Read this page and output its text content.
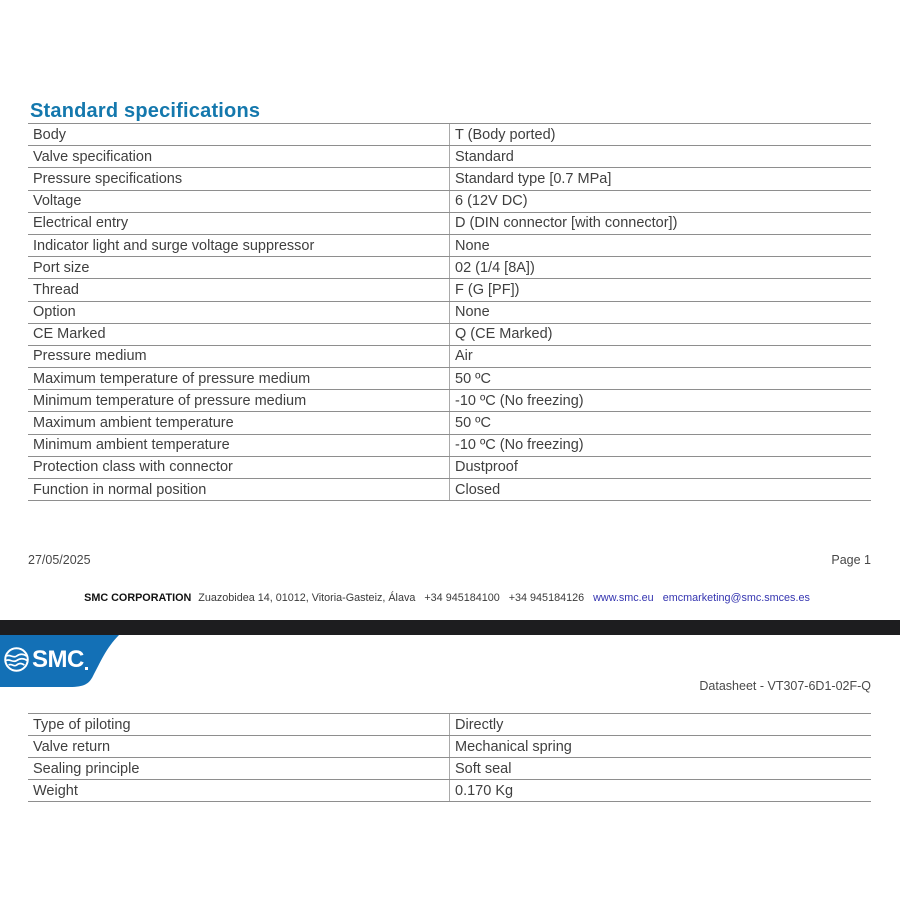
Standard specifications
Body	T (Body ported)
Valve specification	Standard
Pressure specifications	Standard type [0.7 MPa]
Voltage	6 (12V DC)
Electrical entry	D (DIN connector [with connector])
Indicator light and surge voltage suppressor	None
Port size	02 (1/4 [8A])
Thread	F (G [PF])
Option	None
CE Marked	Q (CE Marked)
Pressure medium	Air
Maximum temperature of pressure medium	50 ºC
Minimum temperature of pressure medium	-10 ºC (No freezing)
Maximum ambient temperature	50 ºC
Minimum ambient temperature	-10 ºC (No freezing)
Protection class with connector	Dustproof
Function in normal position	Closed
27/05/2025	Page 1
SMC CORPORATION Zuazobidea 14, 01012, Vitoria-Gasteiz, Álava +34 945184100 +34 945184126 www.smc.eu emcmarketing@smc.smces.es
SMC
Datasheet - VT307-6D1-02F-Q
Type of piloting	Directly
Valve return	Mechanical spring
Sealing principle	Soft seal
Weight	0.170 Kg
